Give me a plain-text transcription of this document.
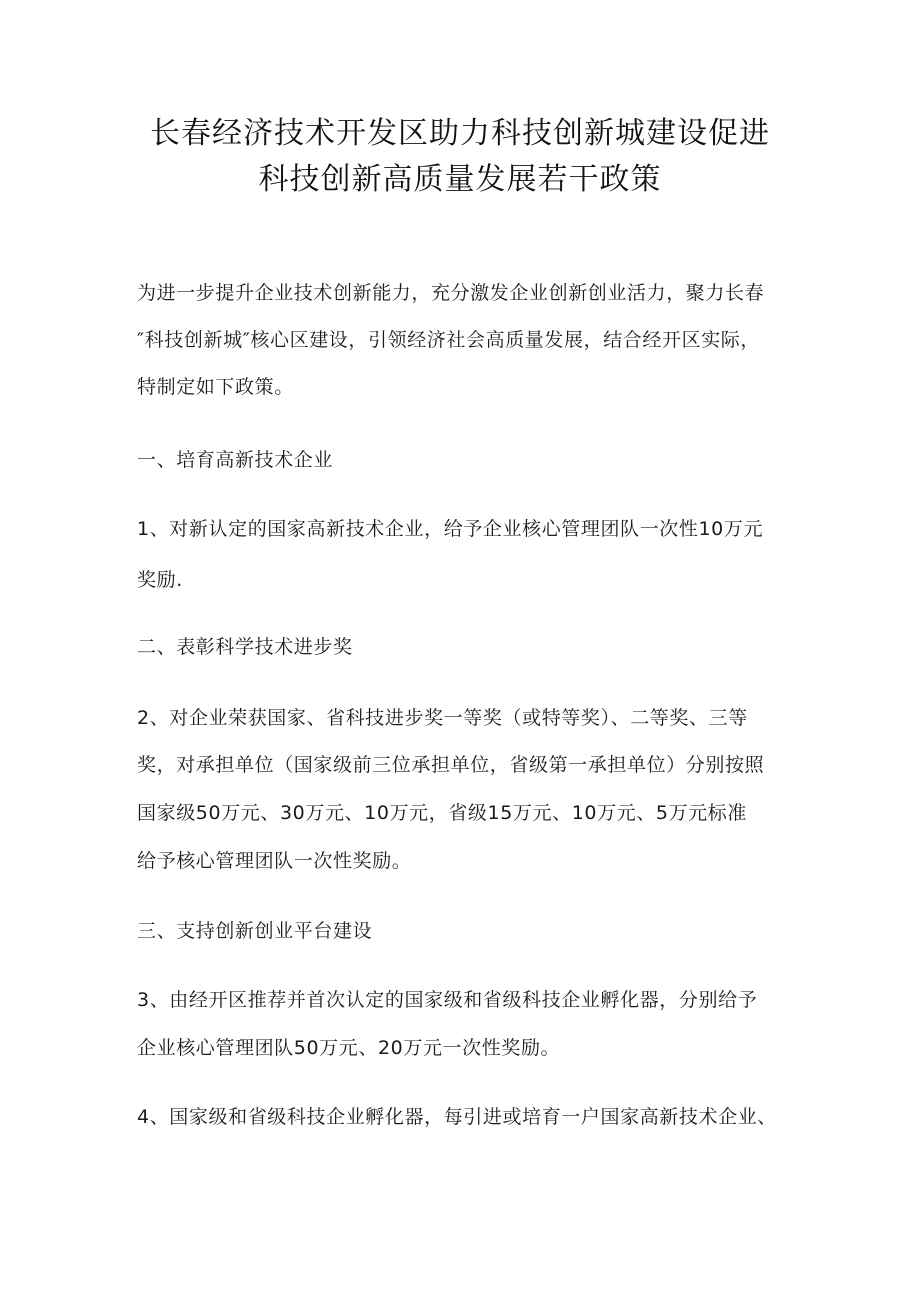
长春经济技术开发区助力科技创新城建设促进
科技创新高质量发展若干政策
为进一步提升企业技术创新能力，充分激发企业创新创业活力，聚力长春
″科技创新城″核心区建设，引领经济社会高质量发展，结合经开区实际，
特制定如下政策。
一、培育高新技术企业
1、对新认定的国家高新技术企业，给予企业核心管理团队一次性10万元
奖励.
二、表彰科学技术进步奖
2、对企业荣获国家、省科技进步奖一等奖（或特等奖）、二等奖、三等
奖，对承担单位（国家级前三位承担单位，省级第一承担单位）分别按照
国家级50万元、30万元、10万元，省级15万元、10万元、5万元标准
给予核心管理团队一次性奖励。
三、支持创新创业平台建设
3、由经开区推荐并首次认定的国家级和省级科技企业孵化器，分别给予
企业核心管理团队50万元、20万元一次性奖励。
4、国家级和省级科技企业孵化器，每引进或培育一户国家高新技术企业、
